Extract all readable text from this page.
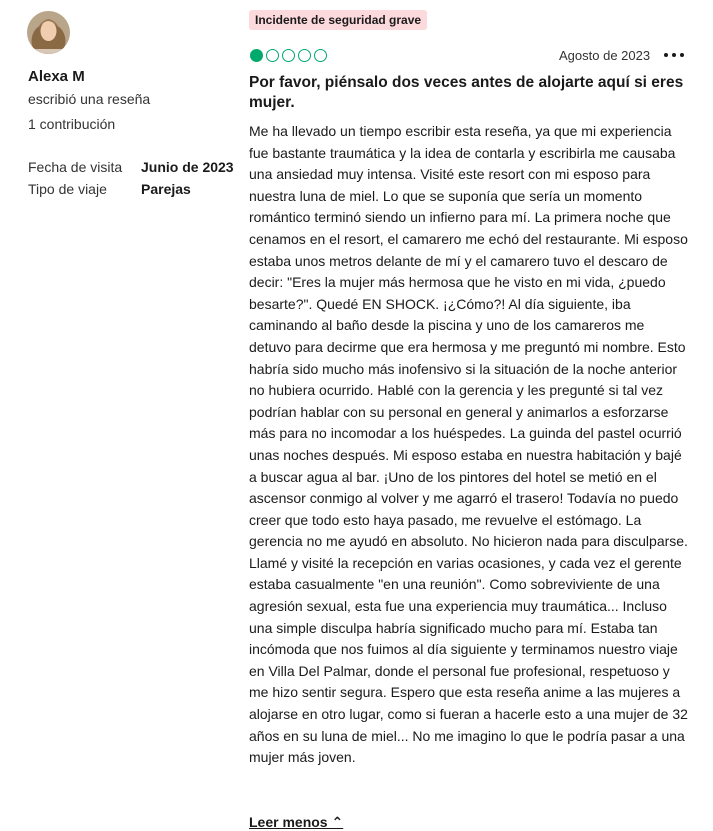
Alexa M
escribió una reseña
1 contribución
Fecha de visita Junio de 2023
Tipo de viaje Parejas
Incidente de seguridad grave
Agosto de 2023
Por favor, piénsalo dos veces antes de alojarte aquí si eres mujer.
Me ha llevado un tiempo escribir esta reseña, ya que mi experiencia fue bastante traumática y la idea de contarla y escribirla me causaba una ansiedad muy intensa. Visité este resort con mi esposo para nuestra luna de miel. Lo que se suponía que sería un momento romántico terminó siendo un infierno para mí. La primera noche que cenamos en el resort, el camarero me echó del restaurante. Mi esposo estaba unos metros delante de mí y el camarero tuvo el descaro de decir: "Eres la mujer más hermosa que he visto en mi vida, ¿puedo besarte?". Quedé EN SHOCK. ¡¿Cómo?! Al día siguiente, iba caminando al baño desde la piscina y uno de los camareros me detuvo para decirme que era hermosa y me preguntó mi nombre. Esto habría sido mucho más inofensivo si la situación de la noche anterior no hubiera ocurrido. Hablé con la gerencia y les pregunté si tal vez podrían hablar con su personal en general y animarlos a esforzarse más para no incomodar a los huéspedes. La guinda del pastel ocurrió unas noches después. Mi esposo estaba en nuestra habitación y bajé a buscar agua al bar. ¡Uno de los pintores del hotel se metió en el ascensor conmigo al volver y me agarró el trasero! Todavía no puedo creer que todo esto haya pasado, me revuelve el estómago. La gerencia no me ayudó en absoluto. No hicieron nada para disculparse. Llamé y visité la recepción en varias ocasiones, y cada vez el gerente estaba casualmente "en una reunión". Como sobreviviente de una agresión sexual, esta fue una experiencia muy traumática... Incluso una simple disculpa habría significado mucho para mí. Estaba tan incómoda que nos fuimos al día siguiente y terminamos nuestro viaje en Villa Del Palmar, donde el personal fue profesional, respetuoso y me hizo sentir segura. Espero que esta reseña anime a las mujeres a alojarse en otro lugar, como si fueran a hacerle esto a una mujer de 32 años en su luna de miel... No me imagino lo que le podría pasar a una mujer más joven.
Leer menos ⌃
